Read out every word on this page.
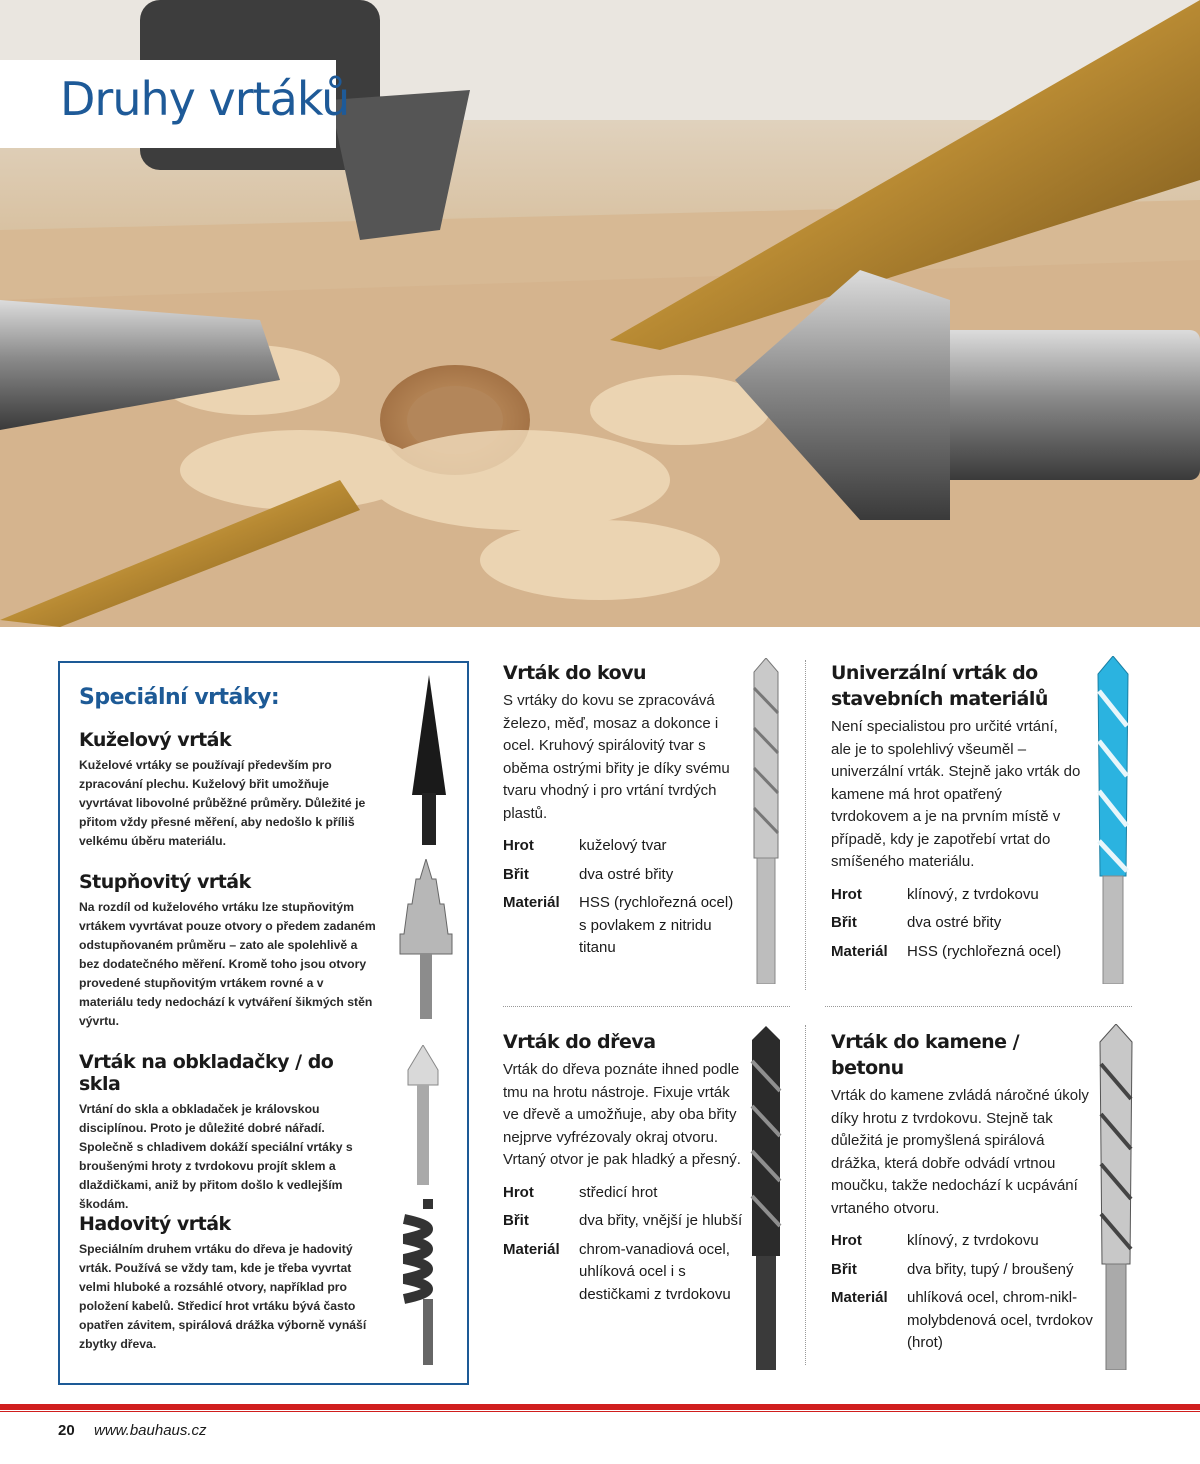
Druhy vrtáků
Speciální vrtáky:
Kuželový vrták

Kuželové vrtáky se používají především pro zpracování plechu. Kuželový břit umožňuje vyvrtávat libovolné průběžné průměry. Důležité je přitom vždy přesné měření, aby nedošlo k příliš velkému úběru materiálu.

Stupňovitý vrták

Na rozdíl od kuželového vrtáku lze stupňovitým vrtákem vyvrtávat pouze otvory o předem zadaném odstupňovaném průměru – zato ale spolehlivě a bez dodatečného měření. Kromě toho jsou otvory provedené stupňovitým vrtákem rovné a v materiálu tedy nedochází k vytváření šikmých stěn vývrtu.

Vrták na obkladačky / do skla

Vrtání do skla a obkladaček je královskou disciplínou. Proto je důležité dobré nářadí. Společně s chladivem dokáží speciální vrtáky s broušenými hroty z tvrdokovu projít sklem a dlaždičkami, aniž by přitom došlo k vedlejším škodám.

Hadovitý vrták

Speciálním druhem vrtáku do dřeva je hadovitý vrták. Používá se vždy tam, kde je třeba vyvrtat velmi hluboké a rozsáhlé otvory, například pro položení kabelů. Středicí hrot vrtáku bývá často opatřen závitem, spirálová drážka výborně vynáší zbytky dřeva.

Vrták do kovu

S vrtáky do kovu se zpracovává železo, měď, mosaz a dokonce i ocel. Kruhový spirálovitý tvar s oběma ostrými břity je díky svému tvaru vhodný i pro vrtání tvrdých plastů.

Hrot	kuželový tvar
Břit	dva ostré břity
Materiál	HSS (rychlořezná ocel) s povlakem z nitridu titanu
Univerzální vrták do stavebních materiálů

Není specialistou pro určité vrtání, ale je to spolehlivý všeuměl – univerzální vrták. Stejně jako vrták do kamene má hrot opatřený tvrdokovem a je na prvním místě v případě, kdy je zapotřebí vrtat do smíšeného materiálu.

Hrot	klínový, z tvrdokovu
Břit	dva ostré břity
Materiál	HSS (rychlořezná ocel)
Vrták do dřeva

Vrták do dřeva poznáte ihned podle tmu na hrotu nástroje. Fixuje vrták ve dřevě a umožňuje, aby oba břity nejprve vyfrézovaly okraj otvoru. Vrtaný otvor je pak hladký a přesný.

Hrot	středicí hrot
Břit	dva břity, vnější je hlubší
Materiál	chrom-vanadiová ocel, uhlíková ocel i s destičkami z tvrdokovu
Vrták do kamene / betonu

Vrták do kamene zvládá náročné úkoly díky hrotu z tvrdokovu. Stejně tak důležitá je promyšlená spirálová drážka, která dobře odvádí vrtnou moučku, takže nedochází k ucpávání vrtaného otvoru.

Hrot	klínový, z tvrdokovu
Břit	dva břity, tupý / broušený
Materiál	uhlíková ocel, chrom-nikl-molybdenová ocel, tvrdokov (hrot)
20 www.bauhaus.cz
